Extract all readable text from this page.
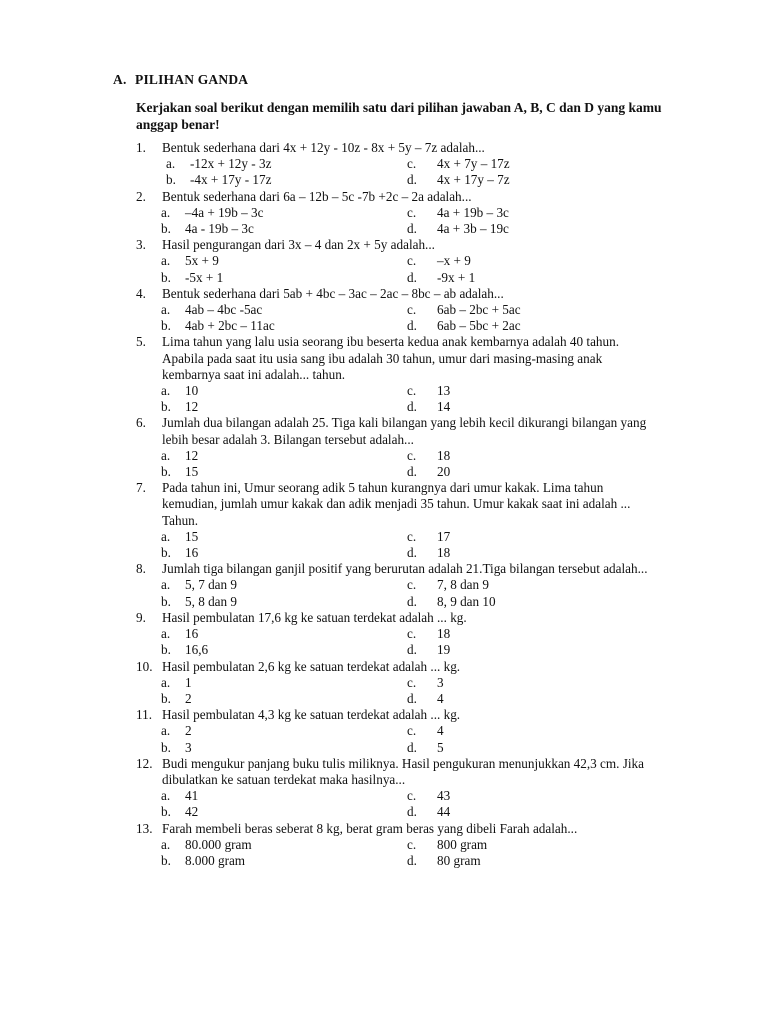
A. PILIHAN GANDA
Kerjakan soal berikut dengan memilih satu dari pilihan jawaban A, B, C dan D yang kamu anggap benar!
1.	Bentuk sederhana dari 4x + 12y - 10z - 8x + 5y – 7z adalah...
a.	-12x + 12y - 3z	c.	4x + 7y – 17z
b.	-4x + 17y - 17z	d.	4x + 17y – 7z
2.	Bentuk sederhana dari 6a – 12b – 5c -7b +2c – 2a adalah...
a.	–4a + 19b – 3c	c.	4a + 19b – 3c
b.	4a - 19b – 3c	d.	4a + 3b – 19c
3.	Hasil pengurangan dari 3x – 4 dan 2x + 5y adalah...
a.	5x + 9	c.	–x + 9
b.	-5x + 1	d.	-9x + 1
4.	Bentuk sederhana dari 5ab + 4bc – 3ac – 2ac – 8bc – ab adalah...
a.	4ab – 4bc -5ac	c.	6ab – 2bc + 5ac
b.	4ab + 2bc – 11ac	d.	6ab – 5bc + 2ac
5.	Lima tahun yang lalu usia seorang ibu beserta kedua anak kembarnya adalah 40 tahun. Apabila pada saat itu usia sang ibu adalah 30 tahun, umur dari masing-masing anak kembarnya saat ini adalah... tahun.
a.	10	c.	13
b.	12	d.	14
6.	Jumlah dua bilangan adalah 25. Tiga kali bilangan yang lebih kecil dikurangi bilangan yang lebih besar adalah 3. Bilangan tersebut adalah...
a.	12	c.	18
b.	15	d.	20
7.	Pada tahun ini, Umur seorang adik 5 tahun kurangnya dari umur kakak. Lima tahun kemudian, jumlah umur kakak dan adik menjadi 35 tahun. Umur kakak saat ini adalah ... Tahun.
a.	15	c.	17
b.	16	d.	18
8.	Jumlah tiga bilangan ganjil positif yang berurutan adalah 21.Tiga bilangan tersebut adalah...
a.	5, 7 dan 9	c.	7, 8 dan 9
b.	5, 8 dan 9	d.	8, 9 dan 10
9.	Hasil pembulatan 17,6 kg ke satuan terdekat adalah ... kg.
a.	16	c.	18
b.	16,6	d.	19
10. Hasil pembulatan 2,6 kg ke satuan terdekat adalah ... kg.
a.	1	c.	3
b.	2	d.	4
11. Hasil pembulatan 4,3 kg ke satuan terdekat adalah ... kg.
a.	2	c.	4
b.	3	d.	5
12. Budi mengukur panjang buku tulis miliknya. Hasil pengukuran menunjukkan 42,3 cm. Jika dibulatkan ke satuan terdekat maka hasilnya...
a.	41	c.	43
b.	42	d.	44
13. Farah membeli beras seberat 8 kg, berat gram beras yang dibeli Farah adalah...
a.	80.000 gram	c.	800 gram
b.	8.000 gram	d.	80 gram
